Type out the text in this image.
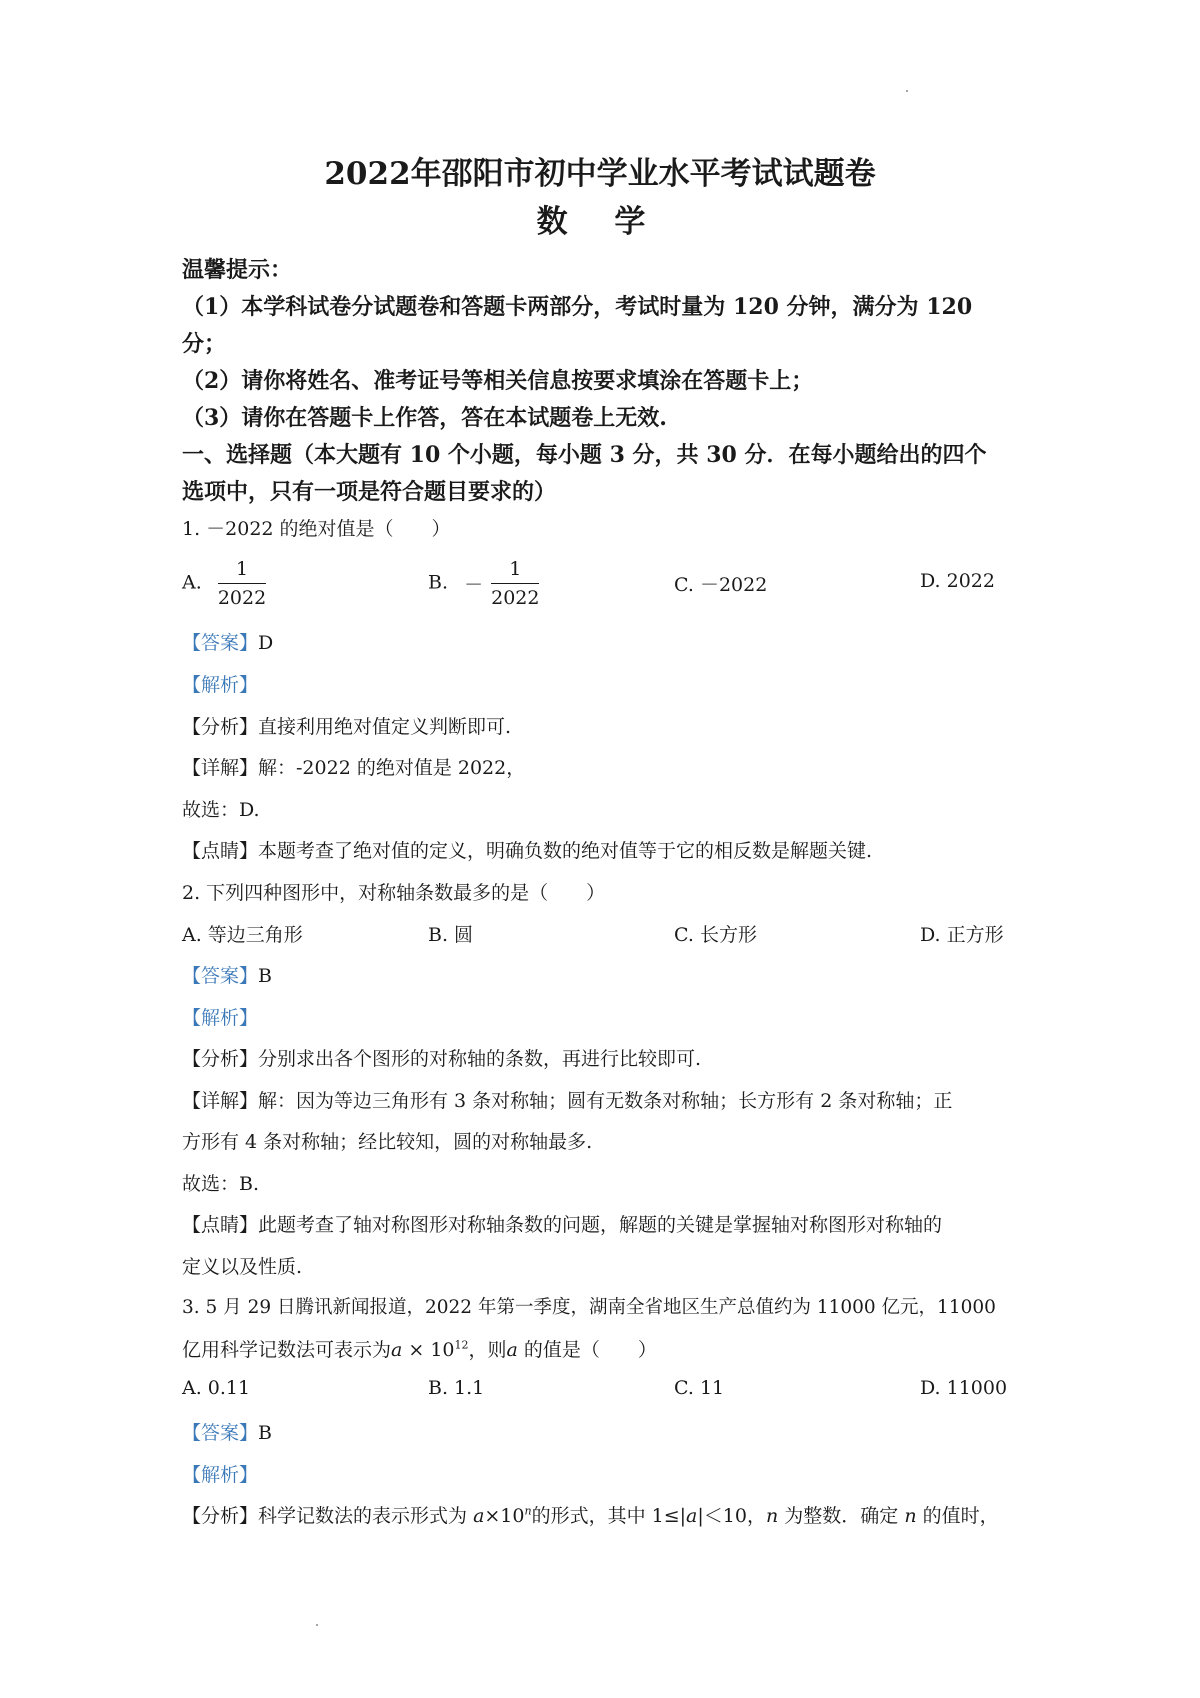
2022年邵阳市初中学业水平考试试题卷
数 学
温馨提示：
（1）本学科试卷分试题卷和答题卡两部分，考试时量为 120 分钟，满分为 120
分；
（2）请你将姓名、准考证号等相关信息按要求填涂在答题卡上；
（3）请你在答题卡上作答，答在本试题卷上无效.
一、选择题（本大题有 10 个小题，每小题 3 分，共 30 分．在每小题给出的四个
选项中，只有一项是符合题目要求的）
1. －2022 的绝对值是（　　）
A. $\frac{1}{2022}$	B. － $\frac{1}{2022}$	C. －2022	D. 2022
【答案】D
【解析】
【分析】直接利用绝对值定义判断即可.
【详解】解：-2022 的绝对值是 2022，
故选：D.
【点睛】本题考查了绝对值的定义，明确负数的绝对值等于它的相反数是解题关键.
2. 下列四种图形中，对称轴条数最多的是（　　）
A. 等边三角形	B. 圆	C. 长方形	D. 正方形
【答案】B
【解析】
【分析】分别求出各个图形的对称轴的条数，再进行比较即可.
【详解】解：因为等边三角形有 3 条对称轴；圆有无数条对称轴；长方形有 2 条对称轴；正
方形有 4 条对称轴；经比较知，圆的对称轴最多.
故选：B.
【点睛】此题考查了轴对称图形对称轴条数的问题，解题的关键是掌握轴对称图形对称轴的
定义以及性质.
3. 5 月 29 日腾讯新闻报道，2022 年第一季度，湖南全省地区生产总值约为 11000 亿元，11000
亿用科学记数法可表示为$a \times 10^{12}$，则a 的值是（　　）
A. 0.11	B. 1.1	C. 11	D. 11000
【答案】B
【解析】
【分析】科学记数法的表示形式为 $a\times 10^n$的形式，其中 1≤|a|＜10，n 为整数．确定 n 的值时，
